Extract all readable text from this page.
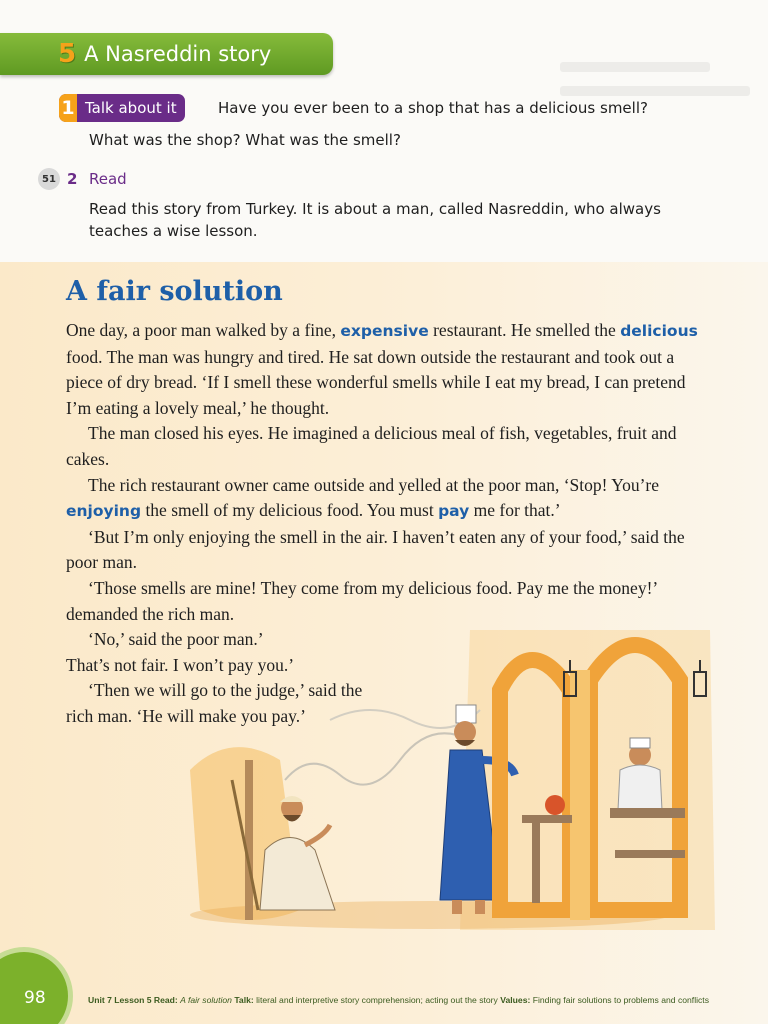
5 A Nasreddin story
1 Talk about it	Have you ever been to a shop that has a delicious smell?
What was the shop? What was the smell?
51 2 Read
Read this story from Turkey. It is about a man, called Nasreddin, who always
teaches a wise lesson.
A fair solution

One day, a poor man walked by a fine, expensive restaurant. He smelled the delicious food. The man was hungry and tired. He sat down outside the restaurant and took out a piece of dry bread. ‘If I smell these wonderful smells while I eat my bread, I can pretend I’m eating a lovely meal,’ he thought.

The man closed his eyes. He imagined a delicious meal of fish, vegetables, fruit and cakes.

The rich restaurant owner came outside and yelled at the poor man, ‘Stop! You’re enjoying the smell of my delicious food. You must pay me for that.’

‘But I’m only enjoying the smell in the air. I haven’t eaten any of your food,’ said the poor man.

‘Those smells are mine! They come from my delicious food. Pay me the money!’ demanded the rich man.

‘No,’ said the poor man.’

That’s not fair. I won’t pay you.’

‘Then we will go to the judge,’ said the rich man. ‘He will make you pay.’

98	Unit 7 Lesson 5 Read: A fair solution Talk: literal and interpretive story comprehension; acting out the story Values: Finding fair solutions to problems and conflicts
